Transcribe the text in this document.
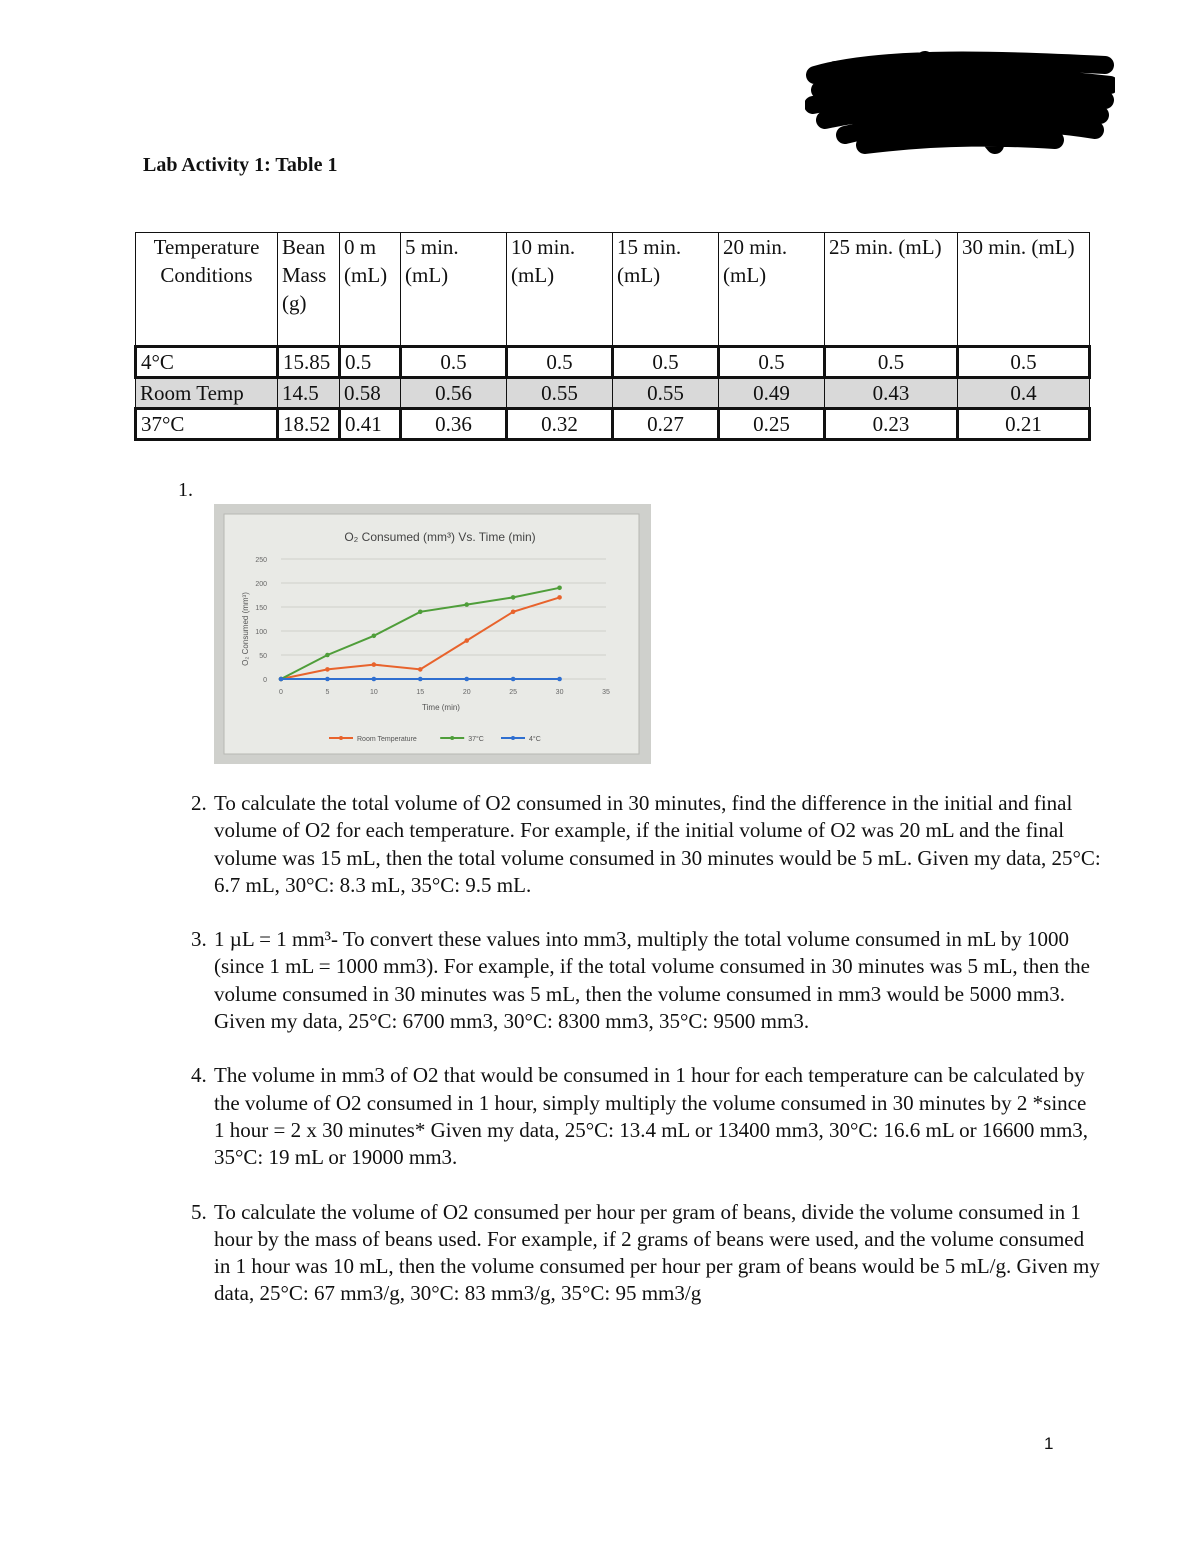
Lab Activity 1: Table 1
Temperature Conditions	Bean Mass (g)	0 m (mL)	5 min. (mL)	10 min. (mL)	15 min. (mL)	20 min. (mL)	25 min. (mL)	30 min. (mL)
4°C	15.85	0.5	0.5	0.5	0.5	0.5	0.5	0.5
Room Temp	14.5	0.58	0.56	0.55	0.55	0.49	0.43	0.4
37°C	18.52	0.41	0.36	0.32	0.27	0.25	0.23	0.21
1.
O₂ Consumed (mm³) Vs. Time (min)
O₂ Consumed (mm³)
Time (min)
0
50
100
150
200
250
0	5	10	15	20	25	30	35
Room Temperature	37°C	4°C
2. To calculate the total volume of O2 consumed in 30 minutes, find the difference in the initial and final volume of O2 for each temperature. For example, if the initial volume of O2 was 20 mL and the final volume was 15 mL, then the total volume consumed in 30 minutes would be 5 mL. Given my data, 25°C: 6.7 mL, 30°C: 8.3 mL, 35°C: 9.5 mL.
3. 1 µL = 1 mm³- To convert these values into mm3, multiply the total volume consumed in mL by 1000 (since 1 mL = 1000 mm3). For example, if the total volume consumed in 30 minutes was 5 mL, then the volume consumed in 30 minutes was 5 mL, then the volume consumed in mm3 would be 5000 mm3. Given my data, 25°C: 6700 mm3, 30°C: 8300 mm3, 35°C: 9500 mm3.
4. The volume in mm3 of O2 that would be consumed in 1 hour for each temperature can be calculated by the volume of O2 consumed in 1 hour, simply multiply the volume consumed in 30 minutes by 2 *since 1 hour = 2 x 30 minutes* Given my data, 25°C: 13.4 mL or 13400 mm3, 30°C: 16.6 mL or 16600 mm3, 35°C: 19 mL or 19000 mm3.
5. To calculate the volume of O2 consumed per hour per gram of beans, divide the volume consumed in 1 hour by the mass of beans used. For example, if 2 grams of beans were used, and the volume consumed in 1 hour was 10 mL, then the volume consumed per hour per gram of beans would be 5 mL/g. Given my data, 25°C: 67 mm3/g, 30°C: 83 mm3/g, 35°C: 95 mm3/g
1
